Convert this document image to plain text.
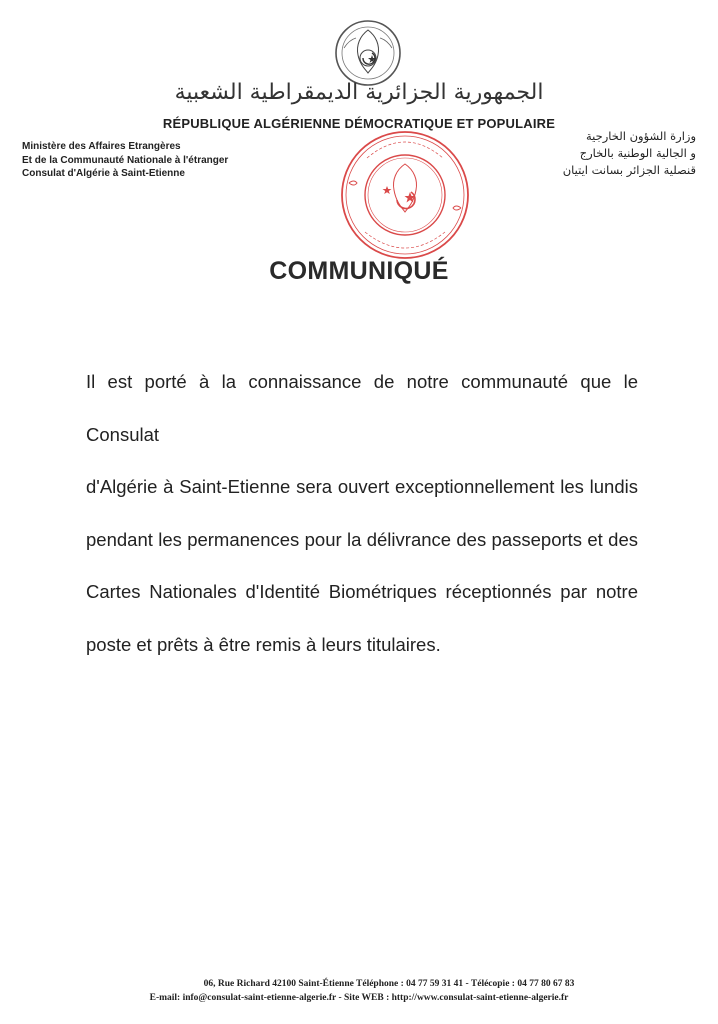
الجمهورية الجزائرية الديمقراطية الشعبية
RÉPUBLIQUE ALGÉRIENNE DÉMOCRATIQUE ET POPULAIRE
Ministère des Affaires Etrangères
Et de la Communauté Nationale à l'étranger
Consulat d'Algérie à Saint-Etienne
وزارة الشؤون الخارجية
و الجالية الوطنية بالخارج
قنصلية الجزائر بسانت ايتيان
COMMUNIQUÉ
Il est porté à la connaissance de notre communauté que le Consulat
d'Algérie à Saint-Etienne sera ouvert exceptionnellement les lundis
pendant les permanences pour la délivrance des passeports et des
Cartes Nationales d'Identité Biométriques réceptionnés par notre
poste et prêts à être remis à leurs titulaires.
06, Rue Richard 42100 Saint-Étienne Téléphone : 04 77 59 31 41 - Télécopie : 04 77 80 67 83
E-mail: info@consulat-saint-etienne-algerie.fr - Site WEB : http://www.consulat-saint-etienne-algerie.fr
